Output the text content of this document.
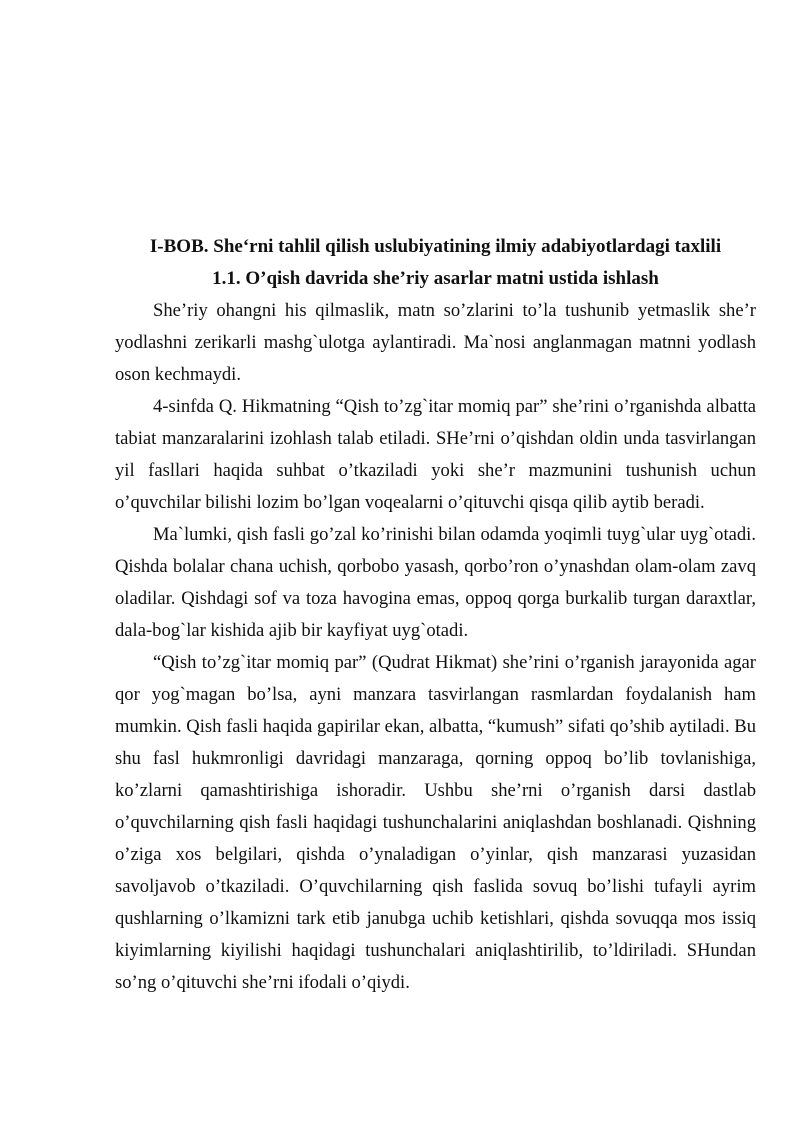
I-BOB. She‘rni tahlil qilish uslubiyatining ilmiy adabiyotlardagi taxlili
1.1. O’qish davrida she’riy asarlar matni ustida ishlash

She’riy ohangni his qilmaslik, matn so’zlarini to’la tushunib yetmaslik she’r yodlashni zerikarli mashg`ulotga aylantiradi. Ma`nosi anglanmagan matnni yodlash oson kechmaydi.

4-sinfda Q. Hikmatning “Qish to’zg`itar momiq par” she’rini o’rganishda albatta tabiat manzaralarini izohlash talab etiladi. SHe’rni o’qishdan oldin unda tasvirlangan yil fasllari haqida suhbat o’tkaziladi yoki she’r mazmunini tushunish uchun o’quvchilar bilishi lozim bo’lgan voqealarni o’qituvchi qisqa qilib aytib beradi.

Ma`lumki, qish fasli go’zal ko’rinishi bilan odamda yoqimli tuyg`ular uyg`otadi. Qishda bolalar chana uchish, qorbobo yasash, qorbo’ron o’ynashdan olam-olam zavq oladilar. Qishdagi sof va toza havogina emas, oppoq qorga burkalib turgan daraxtlar, dala-bog`lar kishida ajib bir kayfiyat uyg`otadi.

“Qish to’zg`itar momiq par” (Qudrat Hikmat) she’rini o’rganish jarayonida agar qor yog`magan bo’lsa, ayni manzara tasvirlangan rasmlardan foydalanish ham mumkin. Qish fasli haqida gapirilar ekan, albatta, “kumush” sifati qo’shib aytiladi. Bu shu fasl hukmronligi davridagi manzaraga, qorning oppoq bo’lib tovlanishiga, ko’zlarni qamashtirishiga ishoradir. Ushbu she’rni o’rganish darsi dastlab o’quvchilarning qish fasli haqidagi tushunchalarini aniqlashdan boshlanadi. Qishning o’ziga xos belgilari, qishda o’ynaladigan o’yinlar, qish manzarasi yuzasidan savoljavob o’tkaziladi. O’quvchilarning qish faslida sovuq bo’lishi tufayli ayrim qushlarning o’lkamizni tark etib janubga uchib ketishlari, qishda sovuqqa mos issiq kiyimlarning kiyilishi haqidagi tushunchalari aniqlashtirilib, to’ldiriladi. SHundan so’ng o’qituvchi she’rni ifodali o’qiydi.
